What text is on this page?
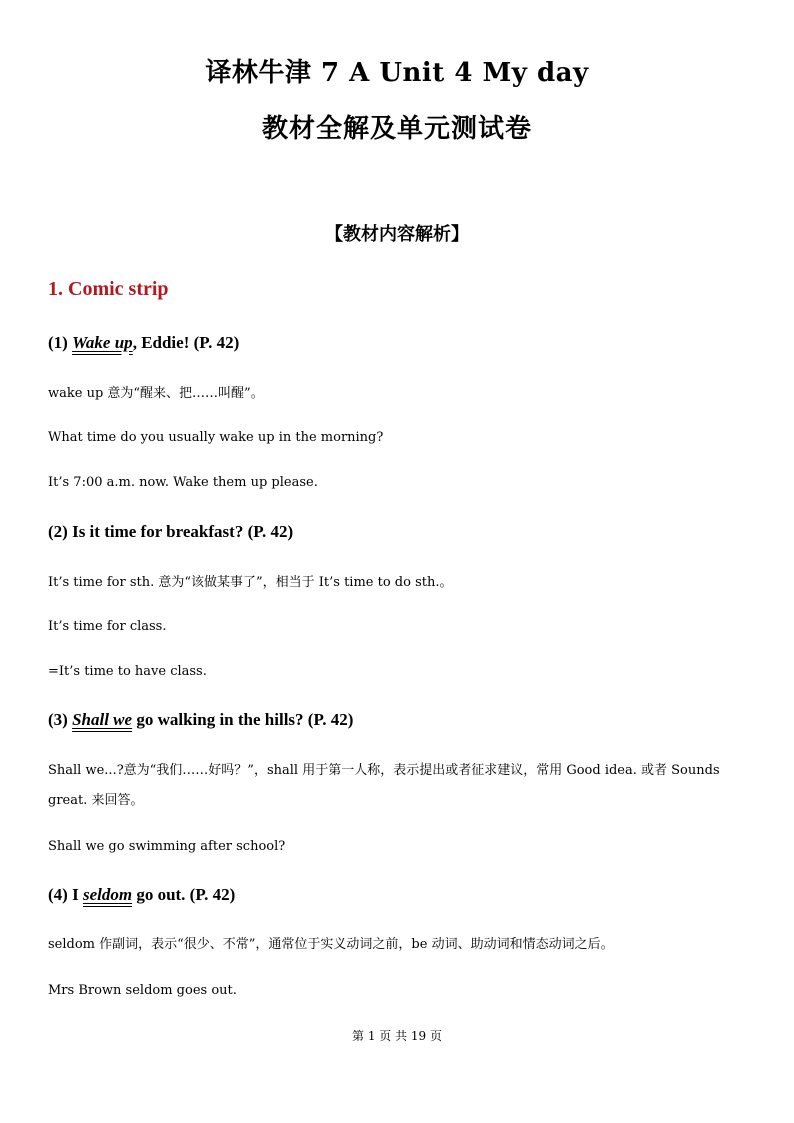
译林牛津 7 A Unit 4 My day
教材全解及单元测试卷
【教材内容解析】
1. Comic strip
(1) Wake up, Eddie! (P. 42)
wake up 意为“醒来、把……叫醒”。
What time do you usually wake up in the morning?
It’s 7:00 a.m. now. Wake them up please.
(2) Is it time for breakfast? (P. 42)
It’s time for sth. 意为“该做某事了”，相当于 It’s time to do sth.。
It’s time for class.
=It’s time to have class.
(3) Shall we go walking in the hills? (P. 42)
Shall we...?意为“我们……好吗？”，shall 用于第一人称，表示提出或者征求建议，常用 Good idea. 或者 Sounds great. 来回答。
Shall we go swimming after school?
(4) I seldom go out. (P. 42)
seldom 作副词，表示“很少、不常”，通常位于实义动词之前，be 动词、助动词和情态动词之后。
Mrs Brown seldom goes out.
第 1 页 共 19 页
